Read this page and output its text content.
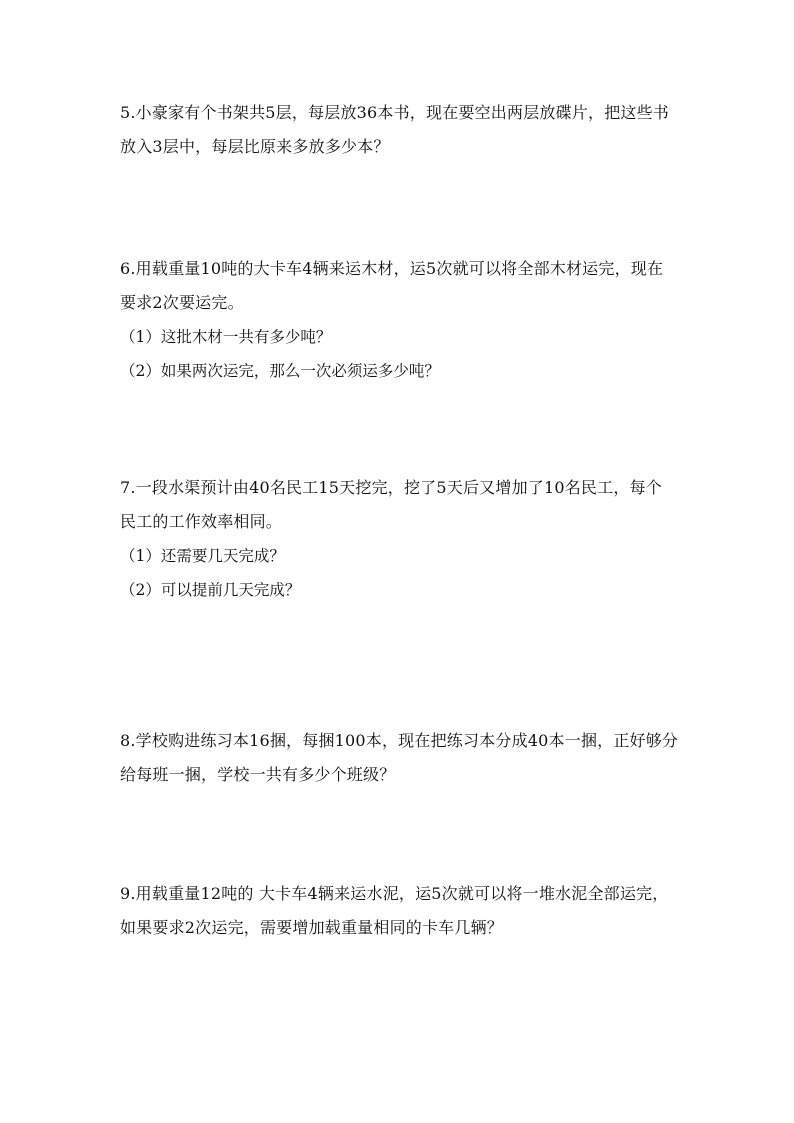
5.小豪家有个书架共5层，每层放36本书，现在要空出两层放碟片，把这些书
放入3层中，每层比原来多放多少本？
6.用载重量10吨的大卡车4辆来运木材，运5次就可以将全部木材运完，现在
要求2次要运完。
（1）这批木材一共有多少吨？
（2）如果两次运完，那么一次必须运多少吨？
7.一段水渠预计由40名民工15天挖完，挖了5天后又增加了10名民工，每个
民工的工作效率相同。
（1）还需要几天完成？
（2）可以提前几天完成？
8.学校购进练习本16捆，每捆100本，现在把练习本分成40本一捆，正好够分
给每班一捆，学校一共有多少个班级？
9.用载重量12吨的 大卡车4辆来运水泥，运5次就可以将一堆水泥全部运完，
如果要求2次运完，需要增加载重量相同的卡车几辆？
